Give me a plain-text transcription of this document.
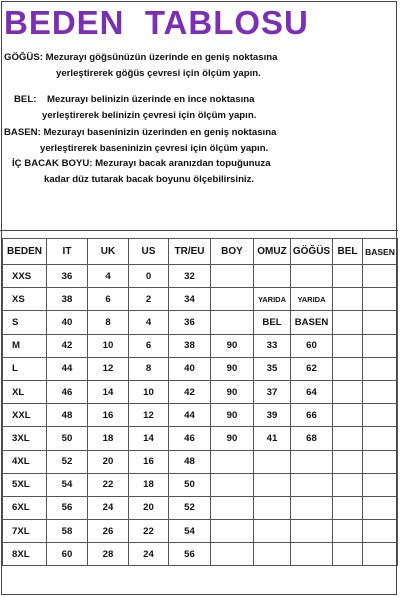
BEDEN  TABLOSU
GÖĞÜS: Mezurayı göğsünüzün üzerinde en geniş noktasına
yerleştirerek göğüs çevresi için ölçüm yapın.
BEL:    Mezurayı belinizin üzerinde en ince noktasına
yerleştirerek belinizin çevresi için ölçüm yapın.
BASEN: Mezurayı baseninizin üzerinden en geniş noktasına
yerleştirerek baseninizin çevresi için ölçüm yapın.
İÇ BACAK BOYU: Mezurayı bacak aranızdan topuğunuza
kadar düz tutarak bacak boyunu ölçebilirsiniz.
BEDEN	IT	UK	US	TR/EU	BOY	OMUZ	GÖĞÜS	BEL	BASEN
XXS	36	4	0	32					
XS	38	6	2	34		YARIDA	YARIDA		
S	40	8	4	36		BEL	BASEN		
M	42	10	6	38	90	33	60		
L	44	12	8	40	90	35	62		
XL	46	14	10	42	90	37	64		
XXL	48	16	12	44	90	39	66		
3XL	50	18	14	46	90	41	68		
4XL	52	20	16	48					
5XL	54	22	18	50					
6XL	56	24	20	52					
7XL	58	26	22	54					
8XL	60	28	24	56					
